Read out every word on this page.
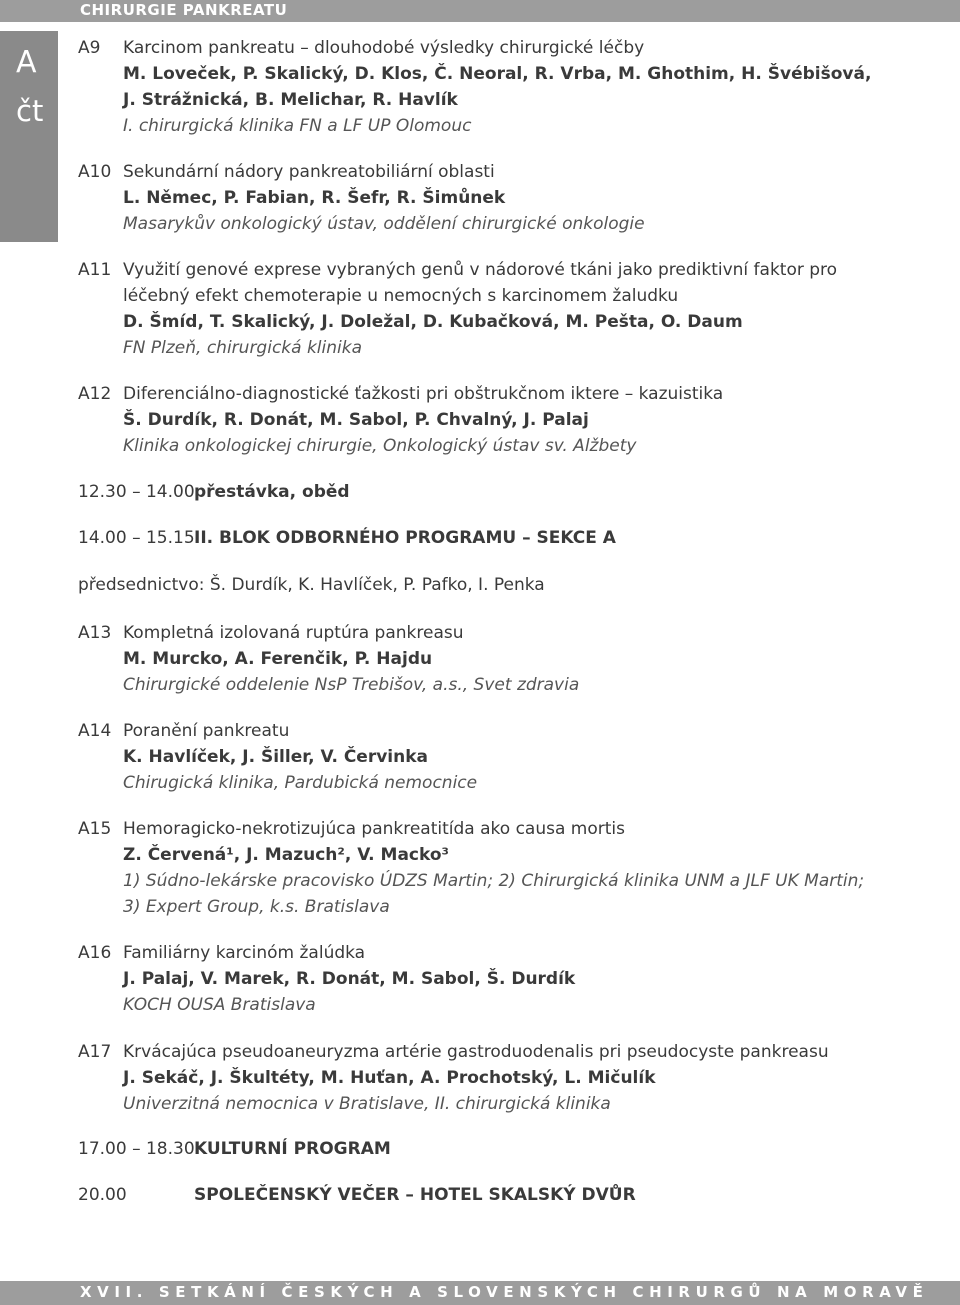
CHIRURGIE PANKREATU
A
čt
A9 Karcinom pankreatu – dlouhodobé výsledky chirurgické léčby
M. Loveček, P. Skalický, D. Klos, Č. Neoral, R. Vrba, M. Ghothim, H. Švébišová,
J. Strážnická, B. Melichar, R. Havlík
I. chirurgická klinika FN a LF UP Olomouc
A10 Sekundární nádory pankreatobiliární oblasti
L. Němec, P. Fabian, R. Šefr, R. Šimůnek
Masarykův onkologický ústav, oddělení chirurgické onkologie
A11 Využití genové exprese vybraných genů v nádorové tkáni jako prediktivní faktor pro
léčebný efekt chemoterapie u nemocných s karcinomem žaludku
D. Šmíd, T. Skalický, J. Doležal, D. Kubačková, M. Pešta, O. Daum
FN Plzeň, chirurgická klinika
A12 Diferenciálno-diagnostické ťažkosti pri obštrukčnom iktere – kazuistika
Š. Durdík, R. Donát, M. Sabol, P. Chvalný, J. Palaj
Klinika onkologickej chirurgie, Onkologický ústav sv. Alžbety
12.30 – 14.00přestávka, oběd
14.00 – 15.15II. BLOK ODBORNÉHO PROGRAMU – SEKCE A
předsednictvo: Š. Durdík, K. Havlíček, P. Pafko, I. Penka
A13 Kompletná izolovaná ruptúra pankreasu
M. Murcko, A. Ferenčik, P. Hajdu
Chirurgické oddelenie NsP Trebišov, a.s., Svet zdravia
A14 Poranění pankreatu
K. Havlíček, J. Šiller, V. Červinka
Chirugická klinika, Pardubická nemocnice
A15 Hemoragicko-nekrotizujúca pankreatitída ako causa mortis
Z. Červená¹, J. Mazuch², V. Macko³
1) Súdno-lekárske pracovisko ÚDZS Martin; 2) Chirurgická klinika UNM a JLF UK Martin;
3) Expert Group, k.s. Bratislava
A16 Familiárny karcinóm žalúdka
J. Palaj, V. Marek, R. Donát, M. Sabol, Š. Durdík
KOCH OUSA Bratislava
A17 Krvácajúca pseudoaneuryzma artérie gastroduodenalis pri pseudocyste pankreasu
J. Sekáč, J. Škultéty, M. Huťan, A. Prochotský, L. Mičulík
Univerzitná nemocnica v Bratislave, II. chirurgická klinika
17.00 – 18.30KULTURNÍ PROGRAM
20.00	SPOLEČENSKÝ VEČER – HOTEL SKALSKÝ DVŮR
XVII. SETKÁNÍ ČESKÝCH A SLOVENSKÝCH CHIRURGŮ NA MORAVĚ
